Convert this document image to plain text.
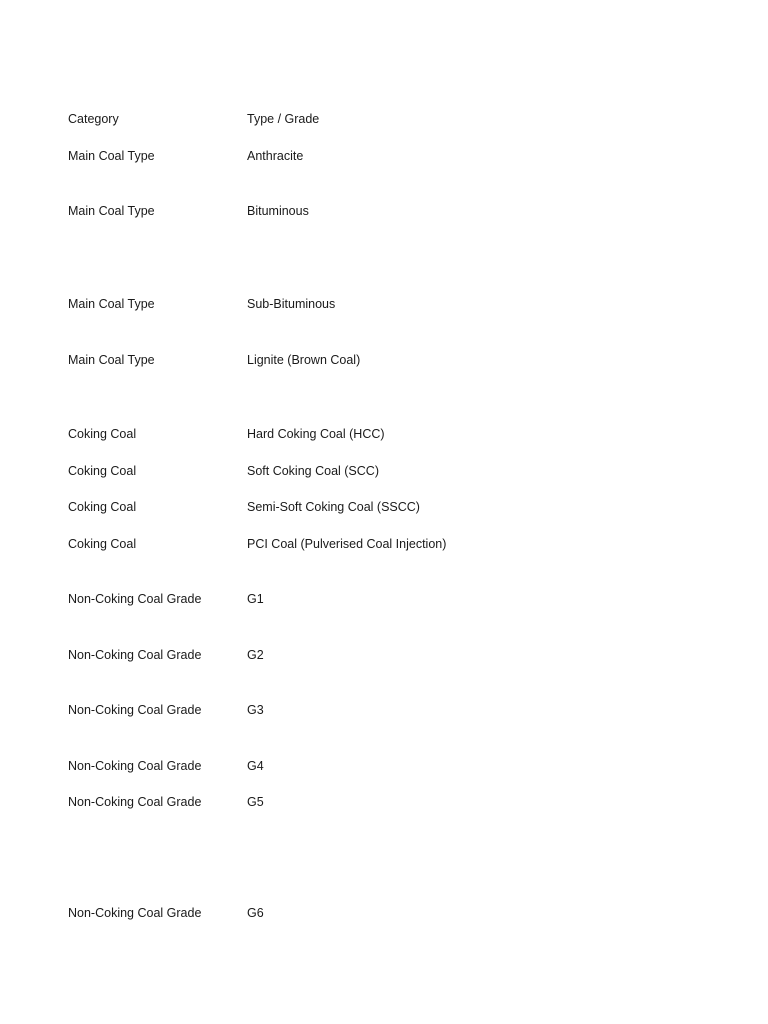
Category	Type / Grade
Main Coal Type	Anthracite
Main Coal Type	Bituminous
Main Coal Type	Sub-Bituminous
Main Coal Type	Lignite (Brown Coal)
Coking Coal	Hard Coking Coal (HCC)
Coking Coal	Soft Coking Coal (SCC)
Coking Coal	Semi-Soft Coking Coal (SSCC)
Coking Coal	PCI Coal (Pulverised Coal Injection)
Non-Coking Coal Grade	G1
Non-Coking Coal Grade	G2
Non-Coking Coal Grade	G3
Non-Coking Coal Grade	G4
Non-Coking Coal Grade	G5
Non-Coking Coal Grade	G6
